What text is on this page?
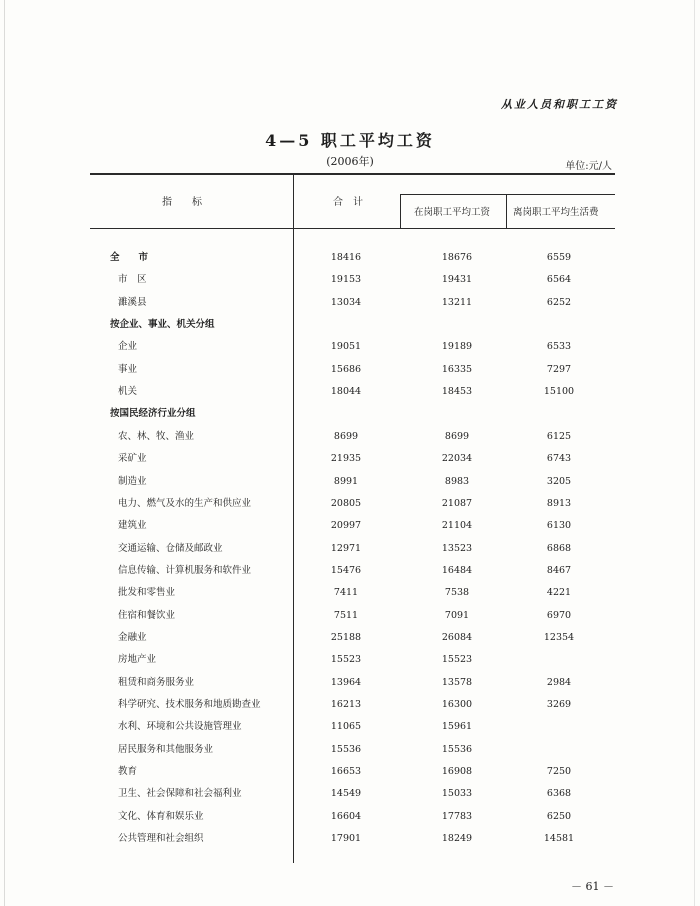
从业人员和职工工资
4—5 职工平均工资
(2006年)	单位:元/人
指　　标	合　计
在岗职工平均工资 离岗职工平均生活费
全　　市	18416	18676	6559
市　区	19153	19431	6564
濉溪县	13034	13211	6252
按企业、事业、机关分组
企业	19051	19189	6533
事业	15686	16335	7297
机关	18044	18453	15100
按国民经济行业分组
农、林、牧、渔业	8699	8699	6125
采矿业	21935	22034	6743
制造业	8991	8983	3205
电力、燃气及水的生产和供应业	20805	21087	8913
建筑业	20997	21104	6130
交通运输、仓储及邮政业	12971	13523	6868
信息传输、计算机服务和软件业	15476	16484	8467
批发和零售业	7411	7538	4221
住宿和餐饮业	7511	7091	6970
金融业	25188	26084	12354
房地产业	15523	15523
租赁和商务服务业	13964	13578	2984
科学研究、技术服务和地质勘查业	16213	16300	3269
水利、环境和公共设施管理业	11065	15961
居民服务和其他服务业	15536	15536
教育	16653	16908	7250
卫生、社会保障和社会福利业	14549	15033	6368
文化、体育和娱乐业	16604	17783	6250
公共管理和社会组织	17901	18249	14581
－ 61 －
